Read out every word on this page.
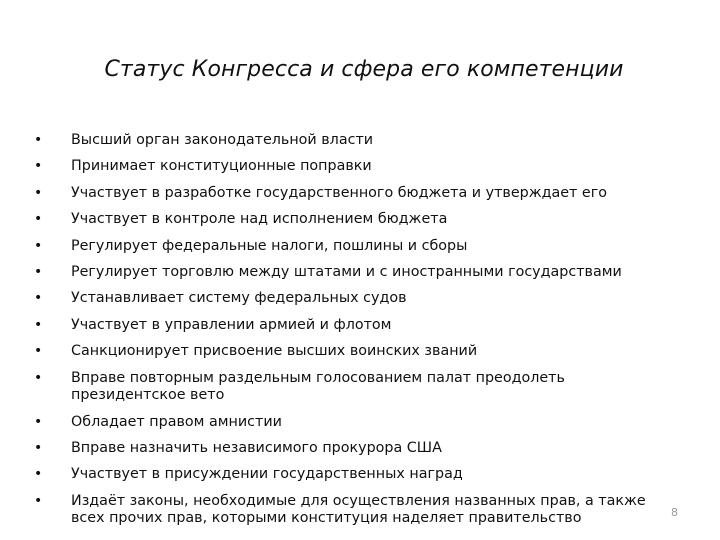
Статус Конгресса и сфера его компетенции
• Высший орган законодательной власти
• Принимает конституционные поправки
• Участвует в разработке государственного бюджета и утверждает его
• Участвует в контроле над исполнением бюджета
• Регулирует федеральные налоги, пошлины и сборы
• Регулирует торговлю между штатами и с иностранными государствами
• Устанавливает систему федеральных судов
• Участвует в управлении армией и флотом
• Санкционирует присвоение высших воинских званий
• Вправе повторным раздельным голосованием палат преодолеть президентское вето
• Обладает правом амнистии
• Вправе назначить независимого прокурора США
• Участвует в присуждении государственных наград
• Издаёт законы, необходимые для осуществления названных прав, а также всех прочих прав, которыми конституция наделяет правительство	8
